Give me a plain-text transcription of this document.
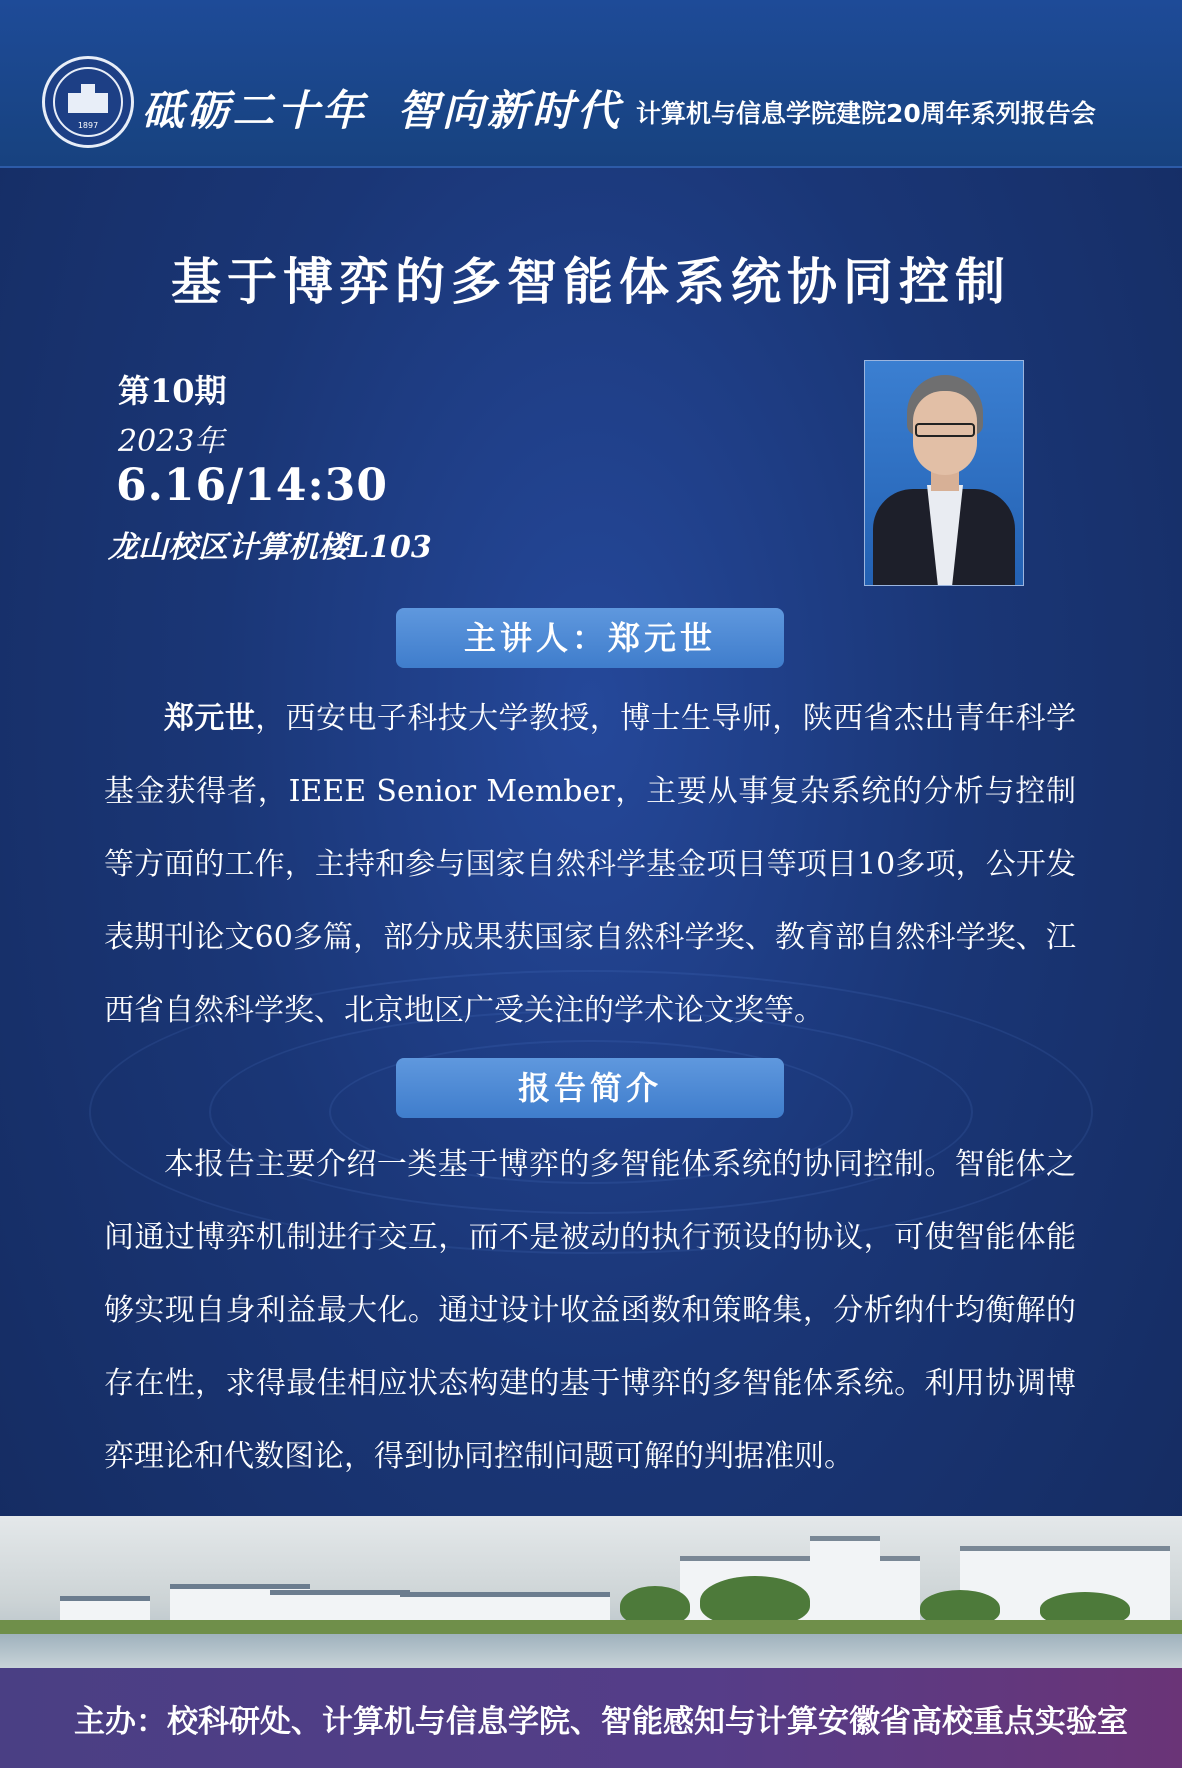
1897	砥砺二十年 智向新时代 计算机与信息学院建院20周年系列报告会
基于博弈的多智能体系统协同控制
第10期
2023年
6.16/14:30
龙山校区计算机楼L103
主讲人：郑元世

郑元世，西安电子科技大学教授，博士生导师，陕西省杰出青年科学基金获得者，IEEE Senior Member，主要从事复杂系统的分析与控制等方面的工作，主持和参与国家自然科学基金项目等项目10多项，公开发表期刊论文60多篇，部分成果获国家自然科学奖、教育部自然科学奖、江西省自然科学奖、北京地区广受关注的学术论文奖等。

报告简介

本报告主要介绍一类基于博弈的多智能体系统的协同控制。智能体之间通过博弈机制进行交互，而不是被动的执行预设的协议，可使智能体能够实现自身利益最大化。通过设计收益函数和策略集，分析纳什均衡解的存在性，求得最佳相应状态构建的基于博弈的多智能体系统。利用协调博弈理论和代数图论，得到协同控制问题可解的判据准则。

主办：校科研处、计算机与信息学院、智能感知与计算安徽省高校重点实验室
